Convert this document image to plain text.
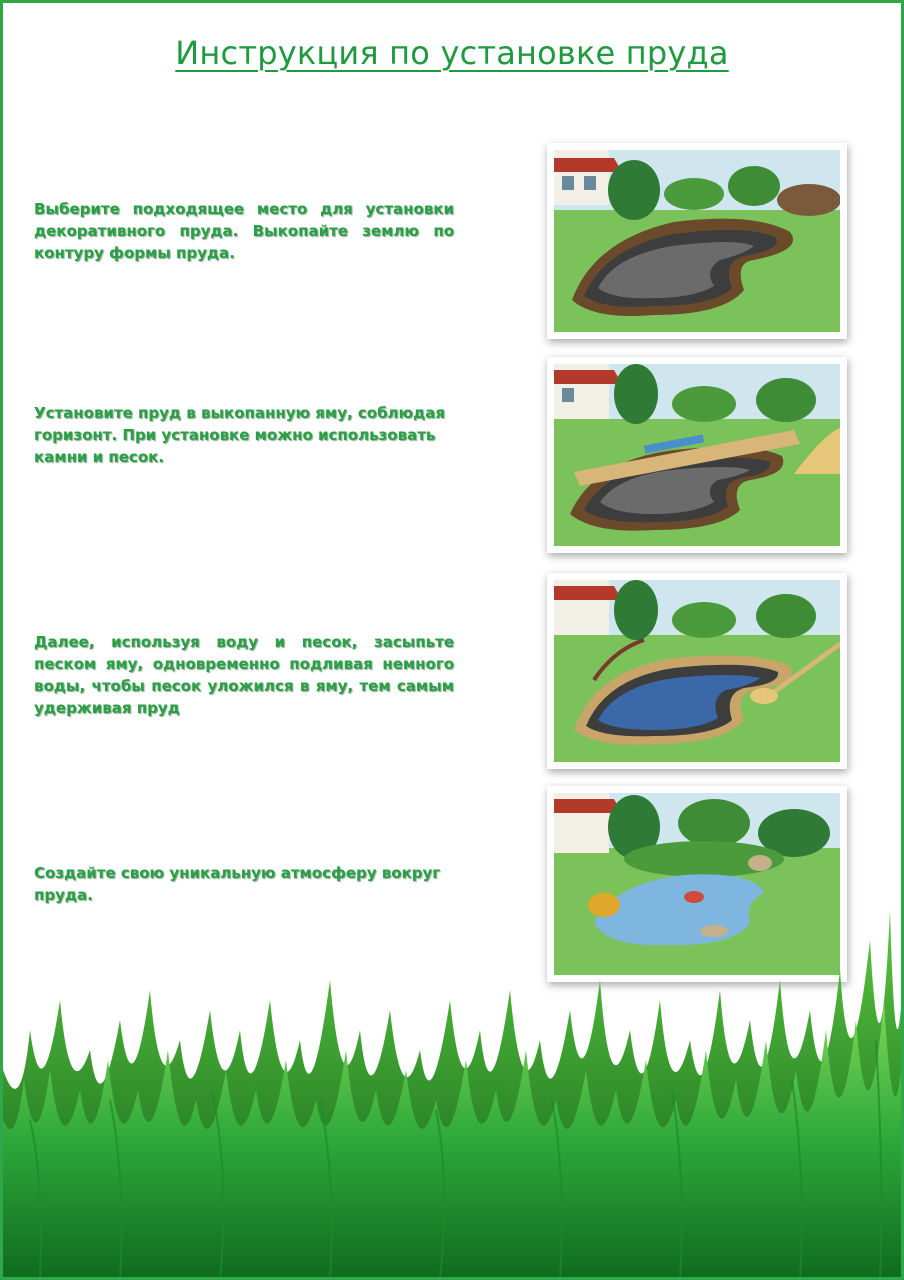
Инструкция по установке пруда
Выберите подходящее место для установки декоративного пруда. Выкопайте землю по контуру формы пруда.
Установите пруд в выкопанную яму, соблюдая горизонт. При установке можно использовать камни и песок.
Далее, используя воду и песок, засыпьте песком яму, одновременно подливая немного воды, чтобы песок уложился в яму, тем самым удерживая пруд
Создайте свою уникальную атмосферу вокруг пруда.
